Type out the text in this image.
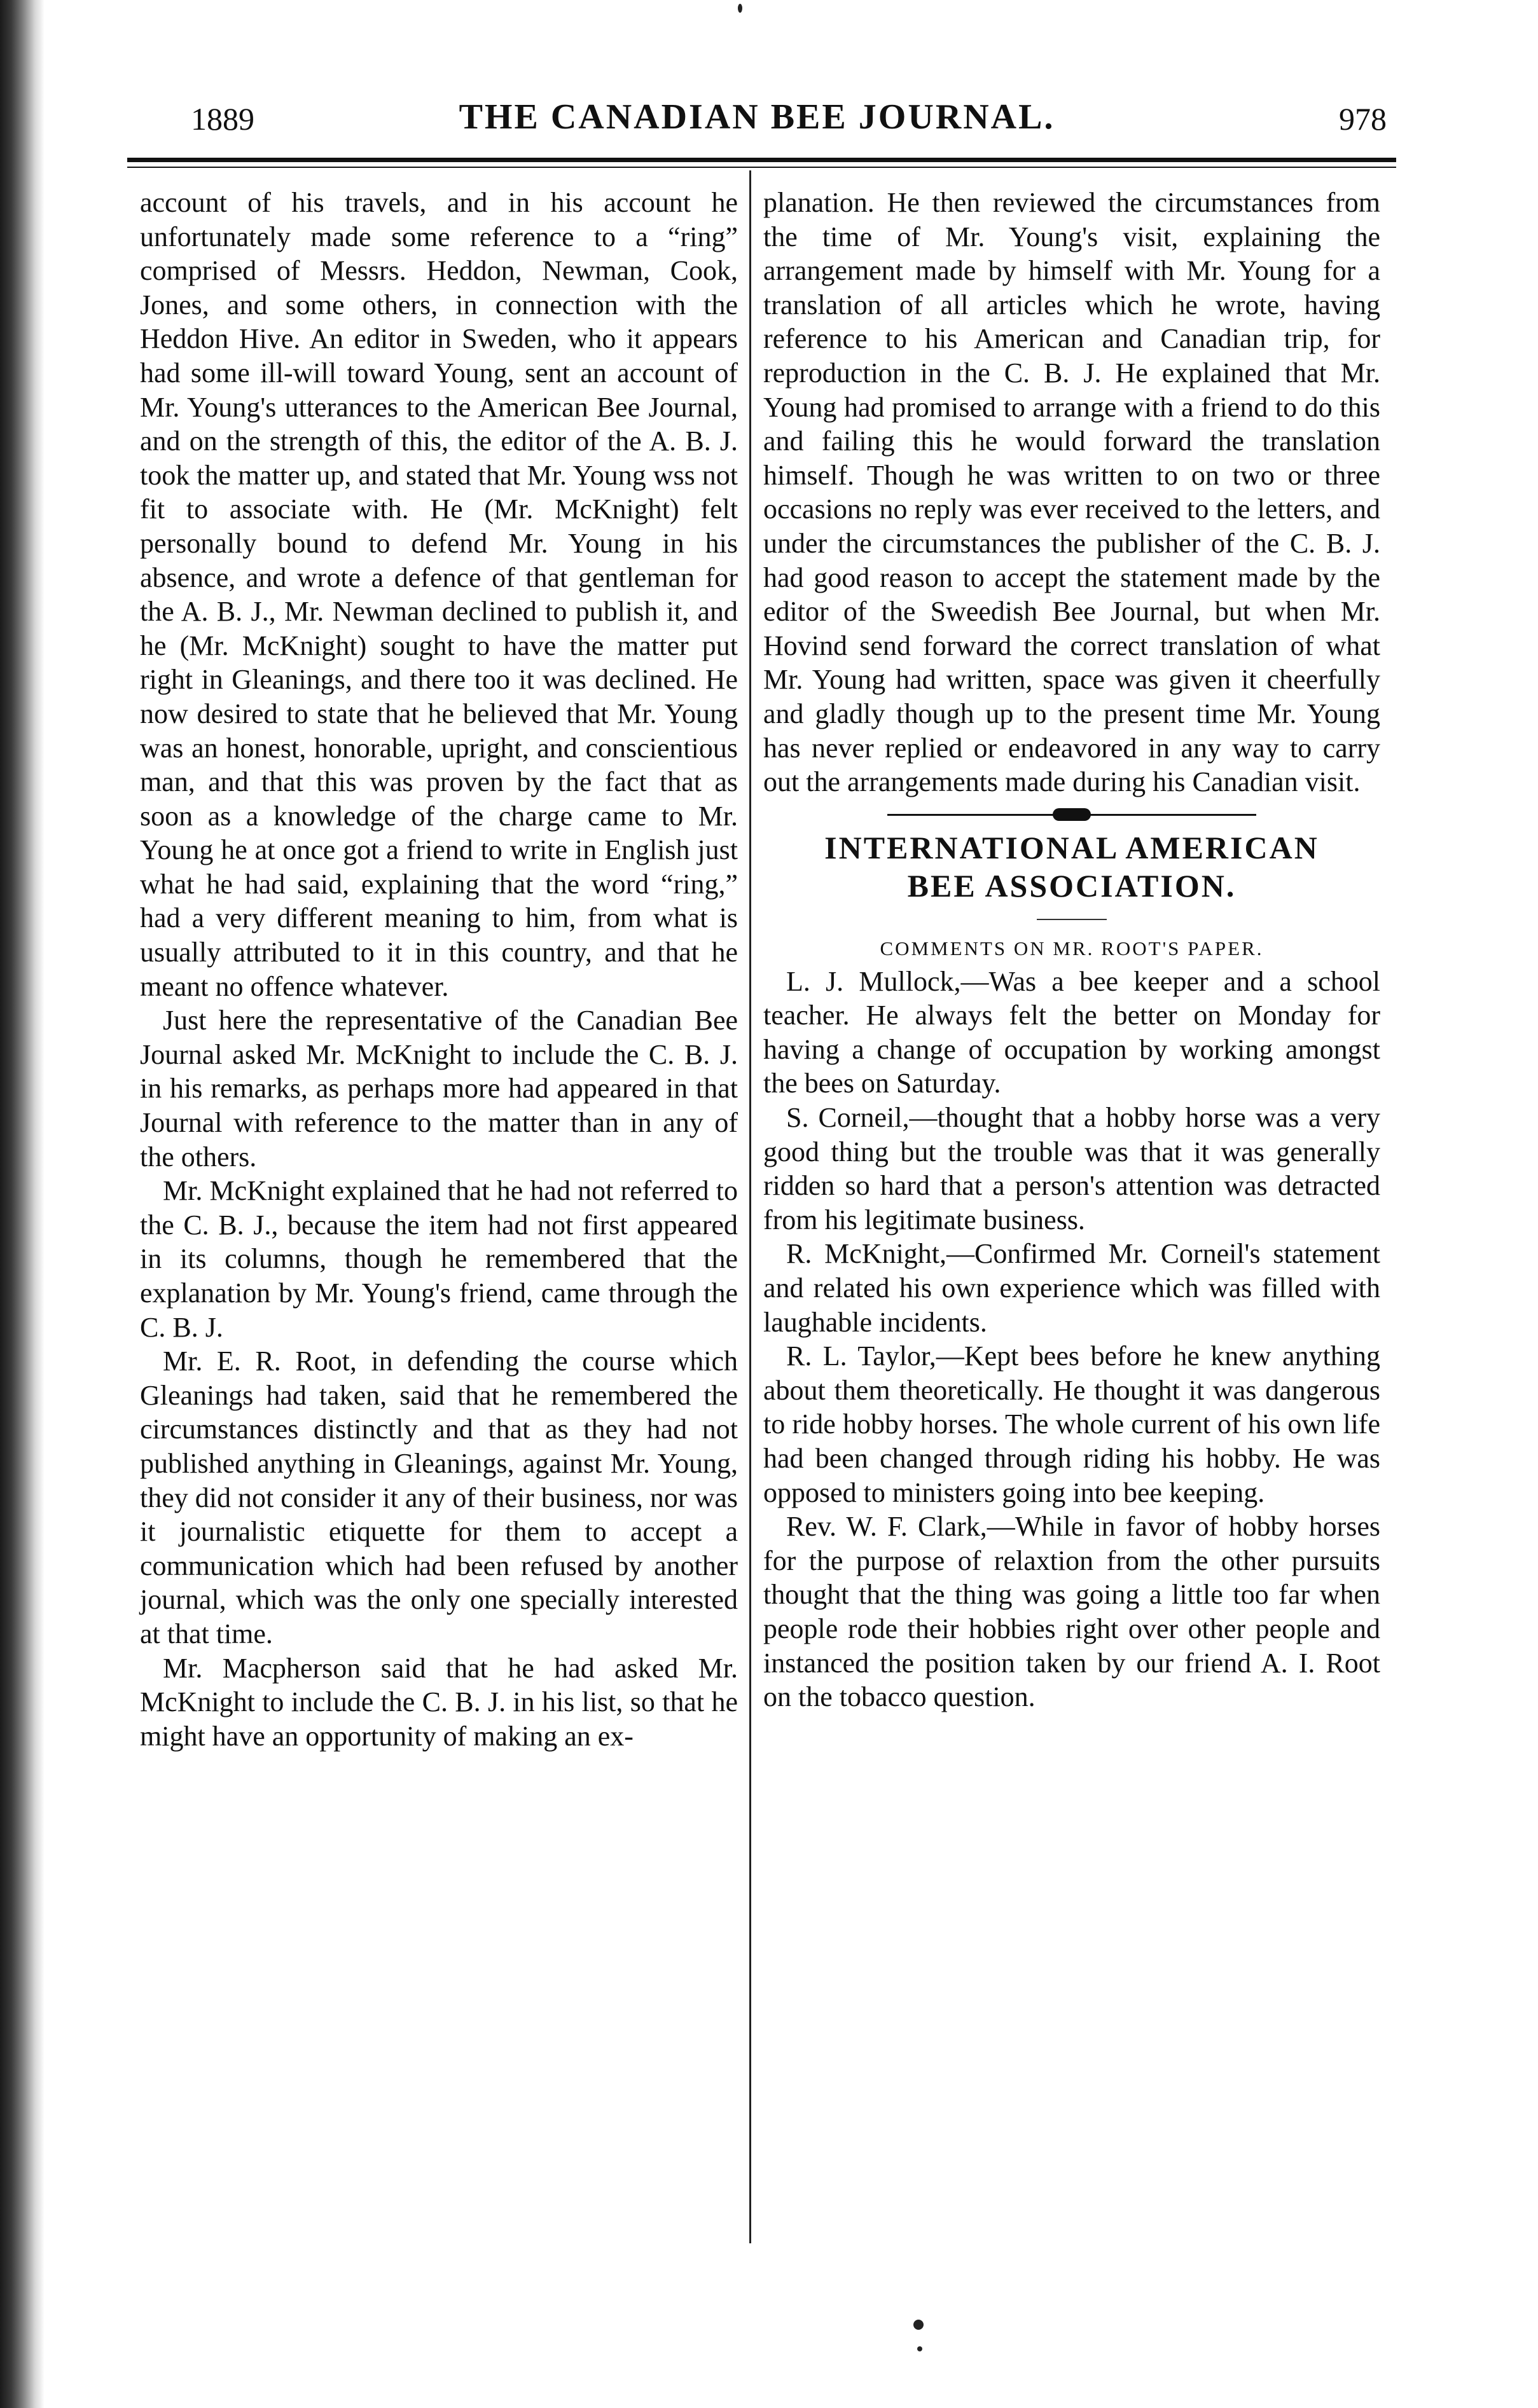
1889	THE CANADIAN BEE JOURNAL.	978

account of his travels, and in his account he unfortunately made some reference to a “ring” comprised of Messrs. Heddon, Newman, Cook, Jones, and some others, in connection with the Heddon Hive. An editor in Sweden, who it appears had some ill-will toward Young, sent an account of Mr. Young's utterances to the American Bee Journal, and on the strength of this, the editor of the A. B. J. took the matter up, and stated that Mr. Young wss not fit to associate with. He (Mr. McKnight) felt personally bound to defend Mr. Young in his absence, and wrote a defence of that gentleman for the A. B. J., Mr. Newman declined to publish it, and he (Mr. McKnight) sought to have the matter put right in Gleanings, and there too it was declined. He now desired to state that he believed that Mr. Young was an honest, honorable, upright, and conscientious man, and that this was proven by the fact that as soon as a knowledge of the charge came to Mr. Young he at once got a friend to write in English just what he had said, explaining that the word “ring,” had a very different meaning to him, from what is usually attributed to it in this country, and that he meant no offence whatever.

Just here the representative of the Canadian Bee Journal asked Mr. McKnight to include the C. B. J. in his remarks, as perhaps more had appeared in that Journal with reference to the matter than in any of the others.

Mr. McKnight explained that he had not referred to the C. B. J., because the item had not first appeared in its columns, though he remembered that the explanation by Mr. Young's friend, came through the C. B. J.

Mr. E. R. Root, in defending the course which Gleanings had taken, said that he remembered the circumstances distinctly and that as they had not published anything in Gleanings, against Mr. Young, they did not consider it any of their business, nor was it journalistic etiquette for them to accept a communication which had been refused by another journal, which was the only one specially interested at that time.

Mr. Macpherson said that he had asked Mr. McKnight to include the C. B. J. in his list, so that he might have an opportunity of making an ex-

planation. He then reviewed the circumstances from the time of Mr. Young's visit, explaining the arrangement made by himself with Mr. Young for a translation of all articles which he wrote, having reference to his American and Canadian trip, for reproduction in the C. B. J. He explained that Mr. Young had promised to arrange with a friend to do this and failing this he would forward the translation himself. Though he was written to on two or three occasions no reply was ever received to the letters, and under the circumstances the publisher of the C. B. J. had good reason to accept the statement made by the editor of the Sweedish Bee Journal, but when Mr. Hovind send forward the correct translation of what Mr. Young had written, space was given it cheerfully and gladly though up to the present time Mr. Young has never replied or endeavored in any way to carry out the arrangements made during his Canadian visit.

INTERNATIONAL AMERICAN

BEE ASSOCIATION.

COMMENTS ON MR. ROOT'S PAPER.

L. J. Mullock,—Was a bee keeper and a school teacher. He always felt the better on Monday for having a change of occupation by working amongst the bees on Saturday.

S. Corneil,—thought that a hobby horse was a very good thing but the trouble was that it was generally ridden so hard that a person's attention was detracted from his legitimate business.

R. McKnight,—Confirmed Mr. Corneil's statement and related his own experience which was filled with laughable incidents.

R. L. Taylor,—Kept bees before he knew anything about them theoretically. He thought it was dangerous to ride hobby horses. The whole current of his own life had been changed through riding his hobby. He was opposed to ministers going into bee keeping.

Rev. W. F. Clark,—While in favor of hobby horses for the purpose of relaxtion from the other pursuits thought that the thing was going a little too far when people rode their hobbies right over other people and instanced the position taken by our friend A. I. Root on the tobacco question.
